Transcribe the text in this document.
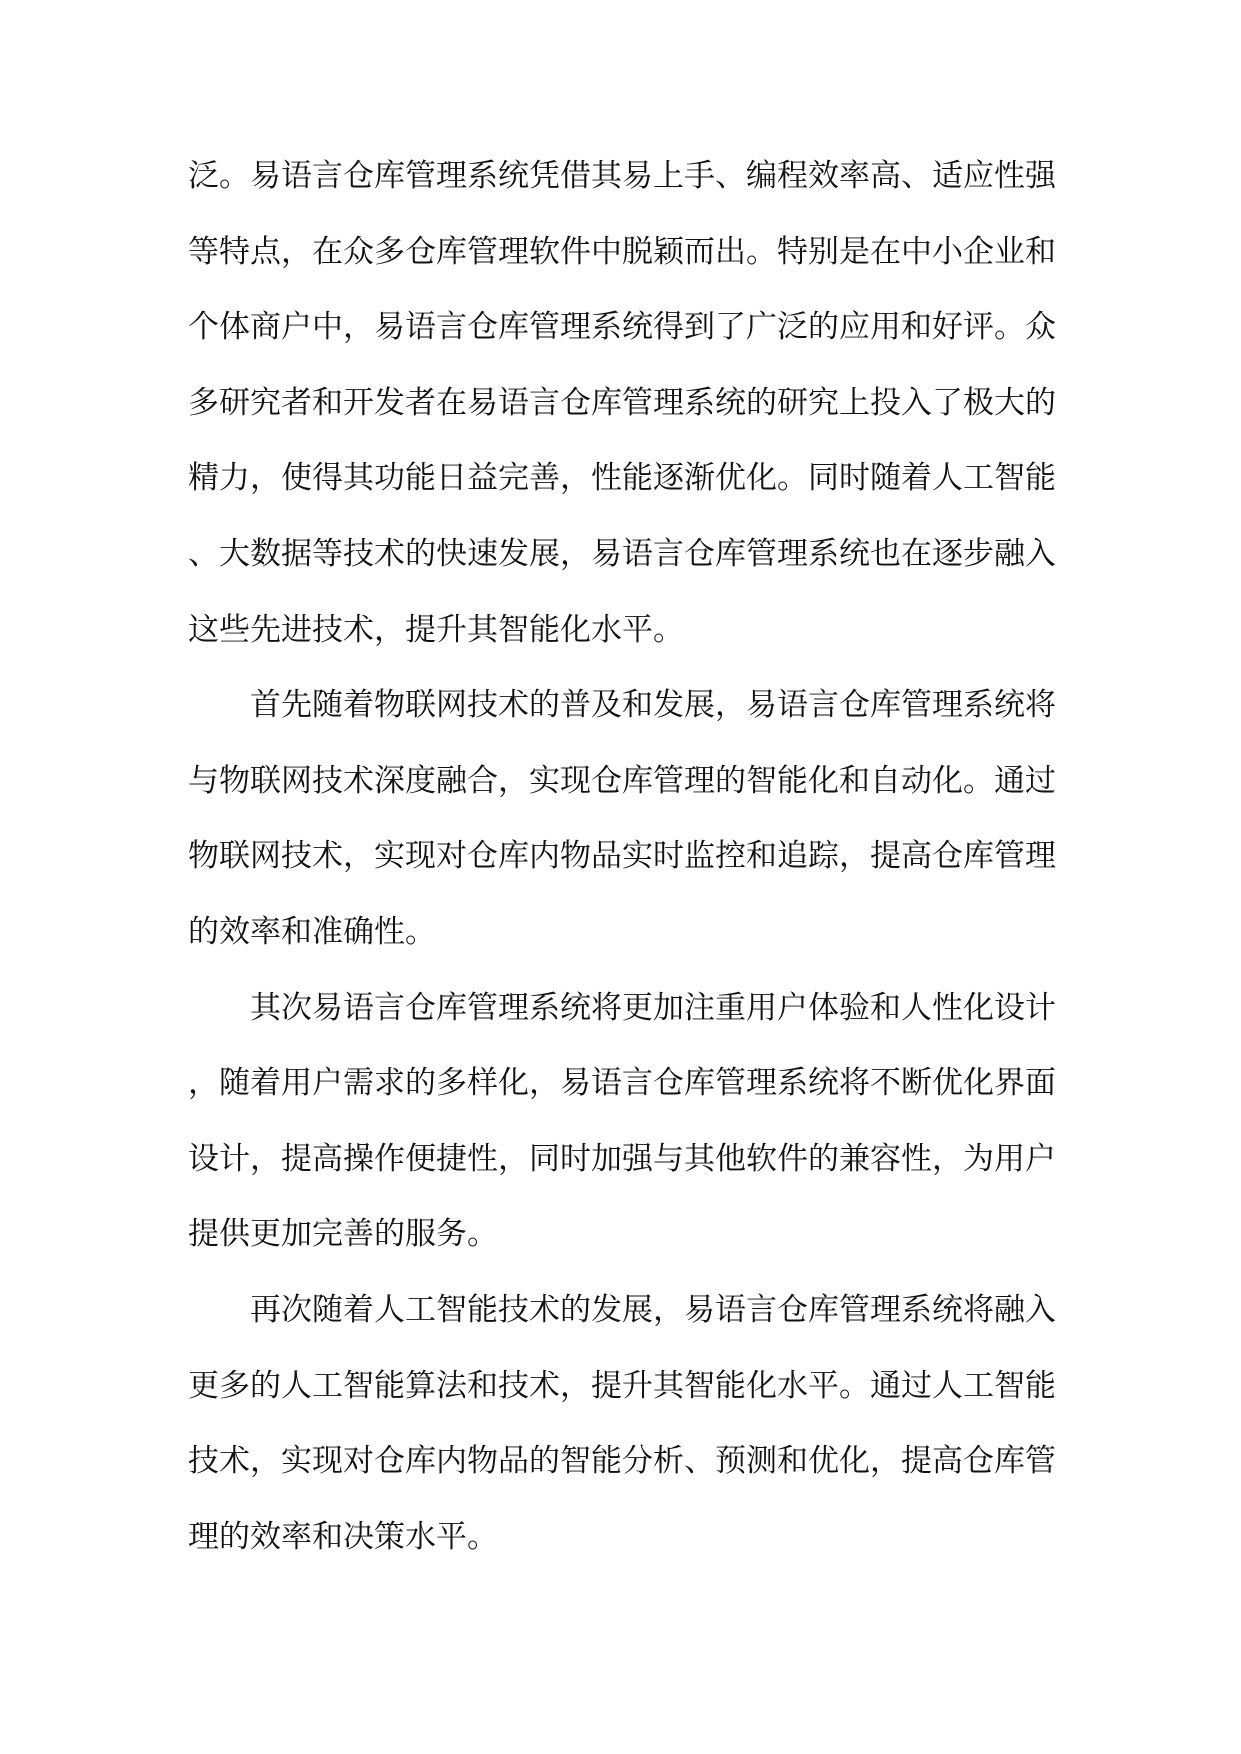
泛。易语言仓库管理系统凭借其易上手、编程效率高、适应性强等特点，在众多仓库管理软件中脱颖而出。特别是在中小企业和个体商户中，易语言仓库管理系统得到了广泛的应用和好评。众多研究者和开发者在易语言仓库管理系统的研究上投入了极大的精力，使得其功能日益完善，性能逐渐优化。同时随着人工智能、大数据等技术的快速发展，易语言仓库管理系统也在逐步融入这些先进技术，提升其智能化水平。

首先随着物联网技术的普及和发展，易语言仓库管理系统将与物联网技术深度融合，实现仓库管理的智能化和自动化。通过物联网技术，实现对仓库内物品实时监控和追踪，提高仓库管理的效率和准确性。

其次易语言仓库管理系统将更加注重用户体验和人性化设计，随着用户需求的多样化，易语言仓库管理系统将不断优化界面设计，提高操作便捷性，同时加强与其他软件的兼容性，为用户提供更加完善的服务。

再次随着人工智能技术的发展，易语言仓库管理系统将融入更多的人工智能算法和技术，提升其智能化水平。通过人工智能技术，实现对仓库内物品的智能分析、预测和优化，提高仓库管理的效率和决策水平。
